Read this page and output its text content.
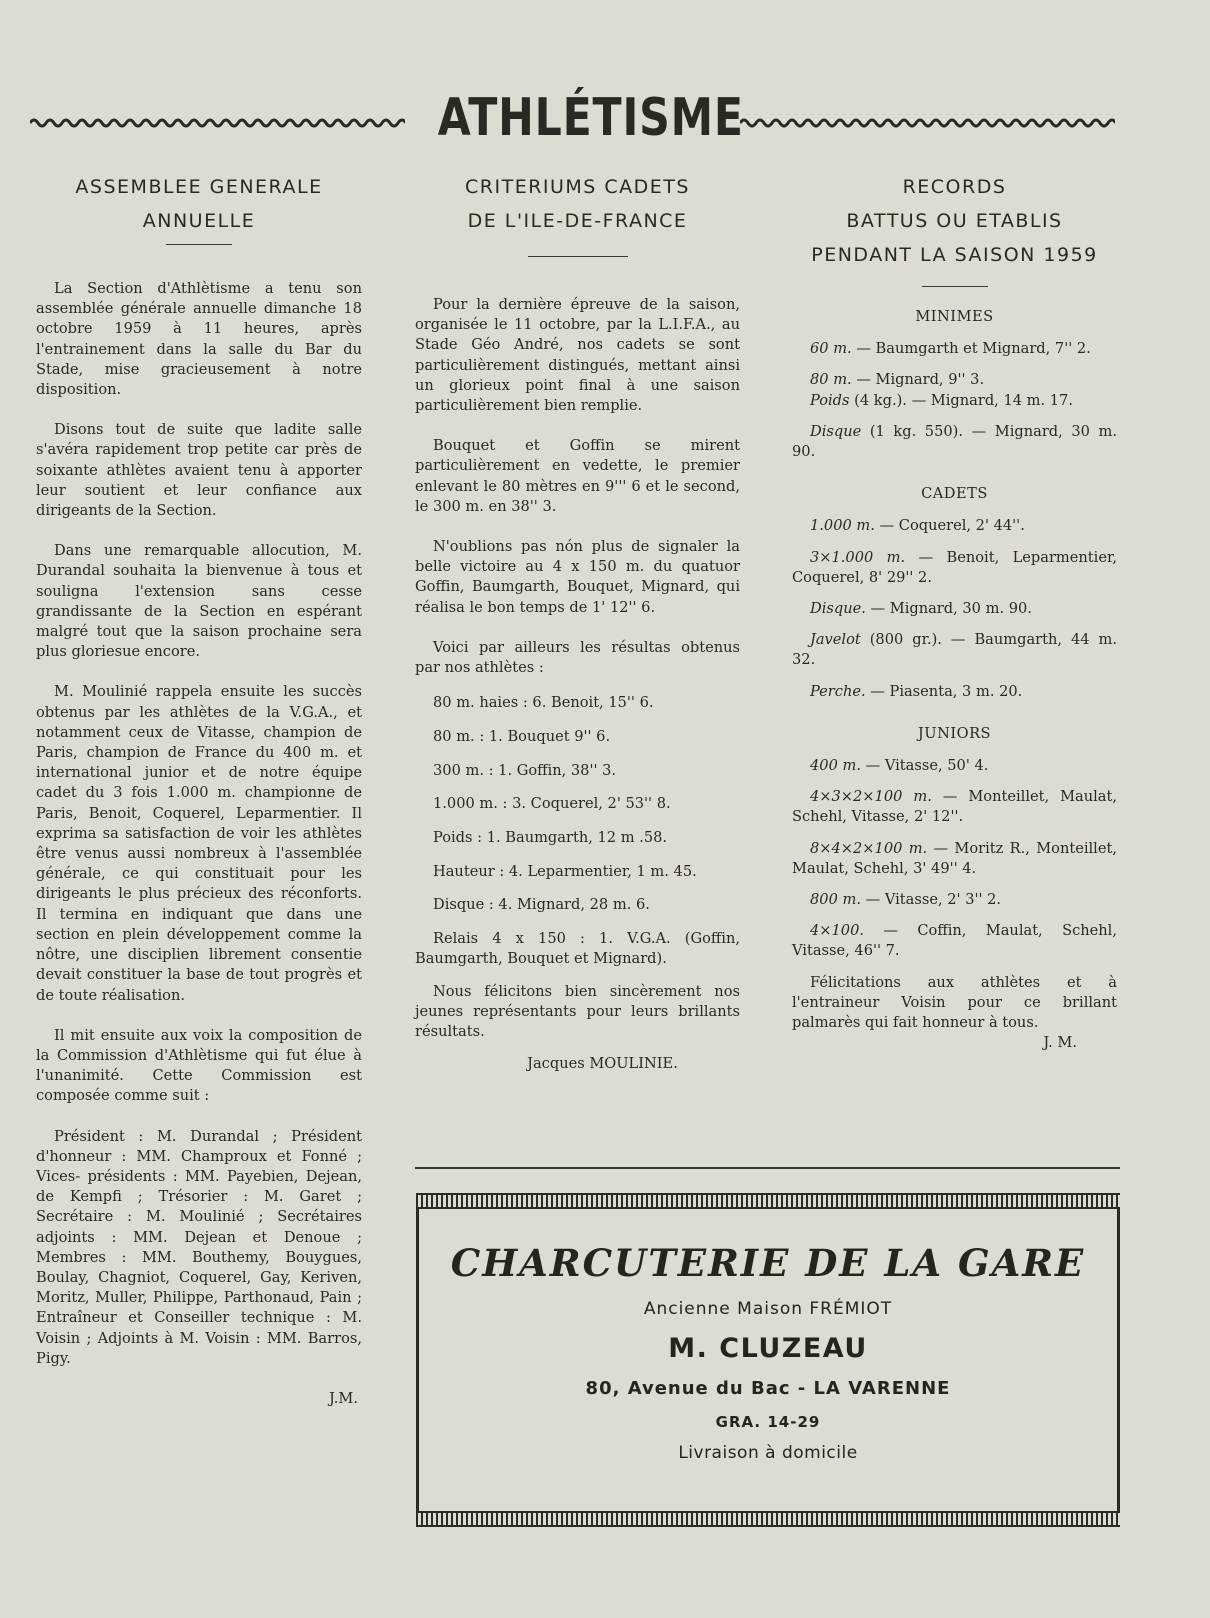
ATHLÉTISME
ASSEMBLEE GENERALE
ANNUELLE

La Section d'Athlètisme a tenu son assemblée générale annuelle dimanche 18 octobre 1959 à 11 heures, après l'entrainement dans la salle du Bar du Stade, mise gracieusement à notre disposition.

Disons tout de suite que ladite salle s'avéra rapidement trop petite car près de soixante athlètes avaient tenu à apporter leur soutient et leur confiance aux dirigeants de la Section.

Dans une remarquable allocution, M. Durandal souhaita la bienvenue à tous et souligna l'extension sans cesse grandissante de la Section en espérant malgré tout que la saison prochaine sera plus gloriesue encore.

M. Moulinié rappela ensuite les succès obtenus par les athlètes de la V.G.A., et notamment ceux de Vitasse, champion de Paris, champion de France du 400 m. et international junior et de notre équipe cadet du 3 fois 1.000 m. championne de Paris, Benoit, Coquerel, Leparmentier. Il exprima sa satisfaction de voir les athlètes être venus aussi nombreux à l'assemblée générale, ce qui constituait pour les dirigeants le plus précieux des réconforts. Il termina en indiquant que dans une section en plein développement comme la nôtre, une disciplien librement consentie devait constituer la base de tout progrès et de toute réalisation.

Il mit ensuite aux voix la composition de la Commission d'Athlètisme qui fut élue à l'unanimité. Cette Commission est composée comme suit :

Président : M. Durandal ; Président d'honneur : MM. Champroux et Fonné ; Vices- présidents : MM. Payebien, Dejean, de Kempfi ; Trésorier : M. Garet ; Secrétaire : M. Moulinié ; Secrétaires adjoints : MM. Dejean et Denoue ; Membres : MM. Bouthemy, Bouygues, Boulay, Chagniot, Coquerel, Gay, Keriven, Moritz, Muller, Philippe, Parthonaud, Pain ; Entraîneur et Conseiller technique : M. Voisin ; Adjoints à M. Voisin : MM. Barros, Pigy.

J.M.
CRITERIUMS CADETS
DE L'ILE-DE-FRANCE

Pour la dernière épreuve de la saison, organisée le 11 octobre, par la L.I.F.A., au Stade Géo André, nos cadets se sont particulièrement distingués, mettant ainsi un glorieux point final à une saison particulièrement bien remplie.

Bouquet et Goffin se mirent particulièrement en vedette, le premier enlevant le 80 mètres en 9''' 6 et le second, le 300 m. en 38'' 3.

N'oublions pas nón plus de signaler la belle victoire au 4 x 150 m. du quatuor Goffin, Baumgarth, Bouquet, Mignard, qui réalisa le bon temps de 1' 12'' 6.

Voici par ailleurs les résultas obtenus par nos athlètes :

80 m. haies : 6. Benoit, 15'' 6.

80 m. : 1. Bouquet 9'' 6.

300 m. : 1. Goffin, 38'' 3.

1.000 m. : 3. Coquerel, 2' 53'' 8.

Poids : 1. Baumgarth, 12 m .58.

Hauteur : 4. Leparmentier, 1 m. 45.

Disque : 4. Mignard, 28 m. 6.

Relais 4 x 150 : 1. V.G.A. (Goffin, Baumgarth, Bouquet et Mignard).

Nous félicitons bien sincèrement nos jeunes représentants pour leurs brillants résultats.

Jacques MOULINIE.
RECORDS
BATTUS OU ETABLIS
PENDANT LA SAISON 1959
MINIMES

60 m. — Baumgarth et Mignard, 7'' 2.

80 m. — Mignard, 9'' 3.

Poids (4 kg.). — Mignard, 14 m. 17.

Disque (1 kg. 550). — Mignard, 30 m. 90.

CADETS

1.000 m. — Coquerel, 2' 44''.

3×1.000 m. — Benoit, Leparmentier, Coquerel, 8' 29'' 2.

Disque. — Mignard, 30 m. 90.

Javelot (800 gr.). — Baumgarth, 44 m. 32.

Perche. — Piasenta, 3 m. 20.

JUNIORS

400 m. — Vitasse, 50' 4.

4×3×2×100 m. — Monteillet, Maulat, Schehl, Vitasse, 2' 12''.

8×4×2×100 m. — Moritz R., Monteillet, Maulat, Schehl, 3' 49'' 4.

800 m. — Vitasse, 2' 3'' 2.

4×100. — Coffin, Maulat, Schehl, Vitasse, 46'' 7.

Félicitations aux athlètes et à l'entraineur Voisin pour ce brillant palmarès qui fait honneur à tous.

J. M.
CHARCUTERIE DE LA GARE
Ancienne Maison FRÉMIOT
M. CLUZEAU
80, Avenue du Bac - LA VARENNE
GRA. 14-29
Livraison à domicile
